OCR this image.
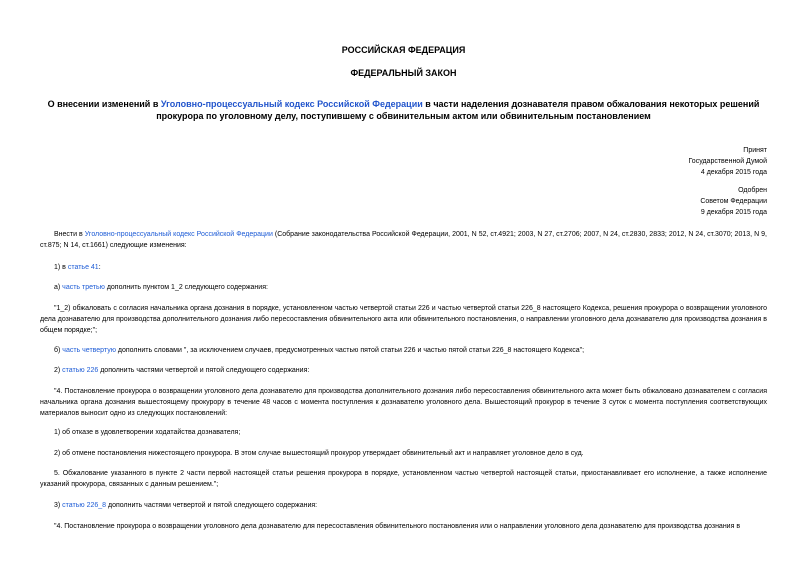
РОССИЙСКАЯ ФЕДЕРАЦИЯ
ФЕДЕРАЛЬНЫЙ ЗАКОН
О внесении изменений в Уголовно-процессуальный кодекс Российской Федерации в части наделения дознавателя правом обжалования некоторых решений прокурора по уголовному делу, поступившему с обвинительным актом или обвинительным постановлением
Принят
Государственной Думой
4 декабря 2015 года
Одобрен
Советом Федерации
9 декабря 2015 года
Внести в Уголовно-процессуальный кодекс Российской Федерации (Собрание законодательства Российской Федерации, 2001, N 52, ст.4921; 2003, N 27, ст.2706; 2007, N 24, ст.2830, 2833; 2012, N 24, ст.3070; 2013, N 9, ст.875; N 14, ст.1661) следующие изменения:
1) в статье 41:
а) часть третью дополнить пунктом 1_2 следующего содержания:
"1_2) обжаловать с согласия начальника органа дознания в порядке, установленном частью четвертой статьи 226 и частью четвертой статьи 226_8 настоящего Кодекса, решения прокурора о возвращении уголовного дела дознавателю для производства дополнительного дознания либо пересоставления обвинительного акта или обвинительного постановления, о направлении уголовного дела дознавателю для производства дознания в общем порядке;";
б) часть четвертую дополнить словами ", за исключением случаев, предусмотренных частью пятой статьи 226 и частью пятой статьи 226_8 настоящего Кодекса";
2) статью 226 дополнить частями четвертой и пятой следующего содержания:
"4. Постановление прокурора о возвращении уголовного дела дознавателю для производства дополнительного дознания либо пересоставления обвинительного акта может быть обжаловано дознавателем с согласия начальника органа дознания вышестоящему прокурору в течение 48 часов с момента поступления к дознавателю уголовного дела. Вышестоящий прокурор в течение 3 суток с момента поступления соответствующих материалов выносит одно из следующих постановлений:
1) об отказе в удовлетворении ходатайства дознавателя;
2) об отмене постановления нижестоящего прокурора. В этом случае вышестоящий прокурор утверждает обвинительный акт и направляет уголовное дело в суд.
5. Обжалование указанного в пункте 2 части первой настоящей статьи решения прокурора в порядке, установленном частью четвертой настоящей статьи, приостанавливает его исполнение, а также исполнение указаний прокурора, связанных с данным решением.";
3) статью 226_8 дополнить частями четвертой и пятой следующего содержания:
"4. Постановление прокурора о возвращении уголовного дела дознавателю для пересоставления обвинительного постановления или о направлении уголовного дела дознавателю для производства дознания в
